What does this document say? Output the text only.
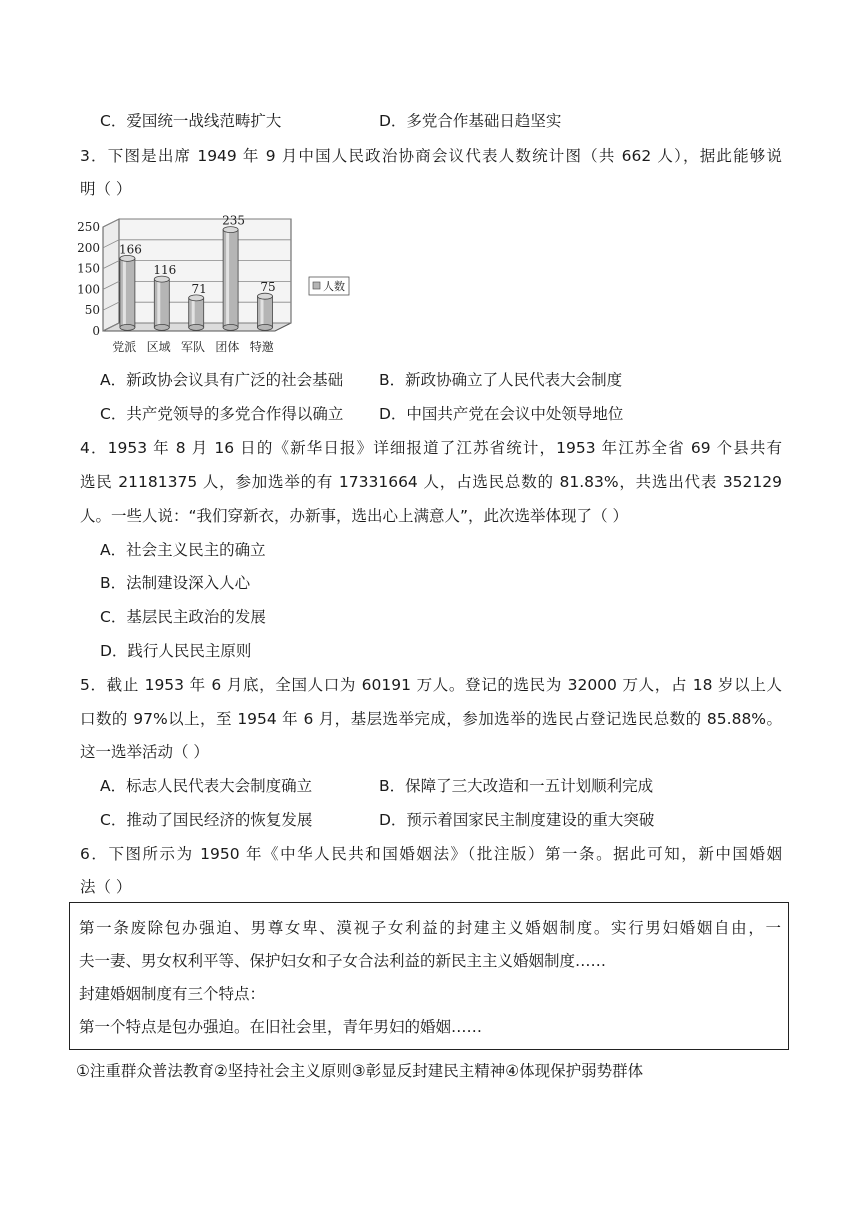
C．爱国统一战线范畴扩大	D．多党合作基础日趋坚实
3．下图是出席 1949 年 9 月中国人民政治协商会议代表人数统计图（共 662 人），据此能够说
明（ ）
0
50
100
150
200
250
166
党派
116
区域
71
军队
235
团体
75
特邀
人数
A．新政协会议具有广泛的社会基础 B．新政协确立了人民代表大会制度
C．共产党领导的多党合作得以确立 D．中国共产党在会议中处领导地位
4．1953 年 8 月 16 日的《新华日报》详细报道了江苏省统计，1953 年江苏全省 69 个县共有
选民 21181375 人，参加选举的有 17331664 人，占选民总数的 81.83%，共选出代表 352129
人。一些人说：“我们穿新衣，办新事，选出心上满意人”，此次选举体现了（ ）
A．社会主义民主的确立
B．法制建设深入人心
C．基层民主政治的发展
D．践行人民民主原则
5．截止 1953 年 6 月底，全国人口为 60191 万人。登记的选民为 32000 万人，占 18 岁以上人
口数的 97%以上，至 1954 年 6 月，基层选举完成，参加选举的选民占登记选民总数的 85.88%。
这一选举活动（ ）
A．标志人民代表大会制度确立	B．保障了三大改造和一五计划顺利完成
C．推动了国民经济的恢复发展	D．预示着国家民主制度建设的重大突破
6．下图所示为 1950 年《中华人民共和国婚姻法》（批注版）第一条。据此可知，新中国婚姻
法（ ）
第一条废除包办强迫、男尊女卑、漠视子女利益的封建主义婚姻制度。实行男妇婚姻自由，一
夫一妻、男女权利平等、保护妇女和子女合法利益的新民主主义婚姻制度……
封建婚姻制度有三个特点：
第一个特点是包办强迫。在旧社会里，青年男妇的婚姻……
①注重群众普法教育②坚持社会主义原则③彰显反封建民主精神④体现保护弱势群体
